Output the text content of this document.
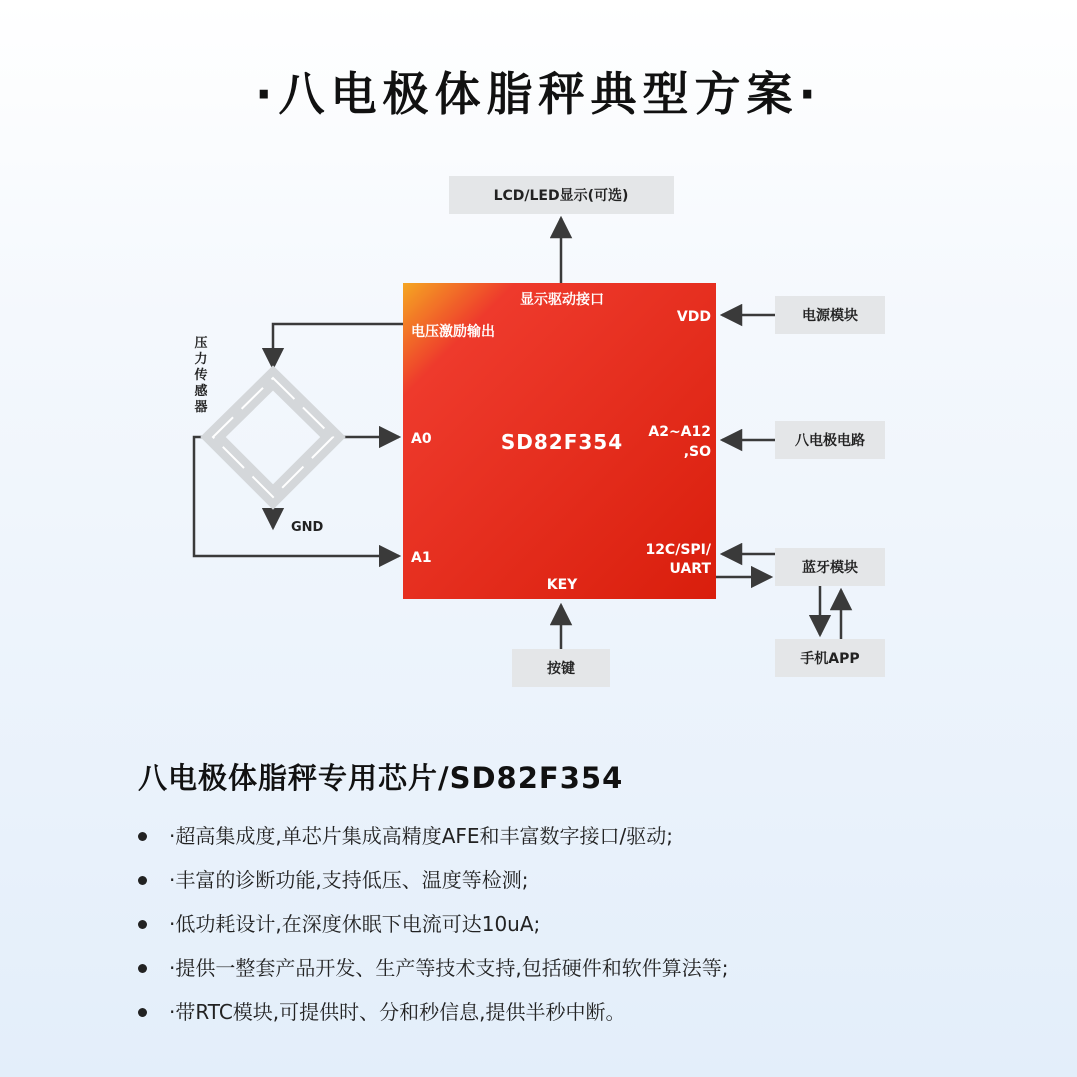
·八电极体脂秤典型方案·
SD82F354
显示驱动接口
电压激励输出
VDD
A0
A1
A2~A12
,SO
12C/SPI/
UART
KEY
LCD/LED显示(可选)
电源模块
八电极电路
蓝牙模块
手机APP
按键
GND
压
力
传
感
器
八电极体脂秤专用芯片/SD82F354
·超高集成度,单芯片集成高精度AFE和丰富数字接口/驱动;
·丰富的诊断功能,支持低压、温度等检测;
·低功耗设计,在深度休眠下电流可达10uA;
·提供一整套产品开发、生产等技术支持,包括硬件和软件算法等;
·带RTC模块,可提供时、分和秒信息,提供半秒中断。
